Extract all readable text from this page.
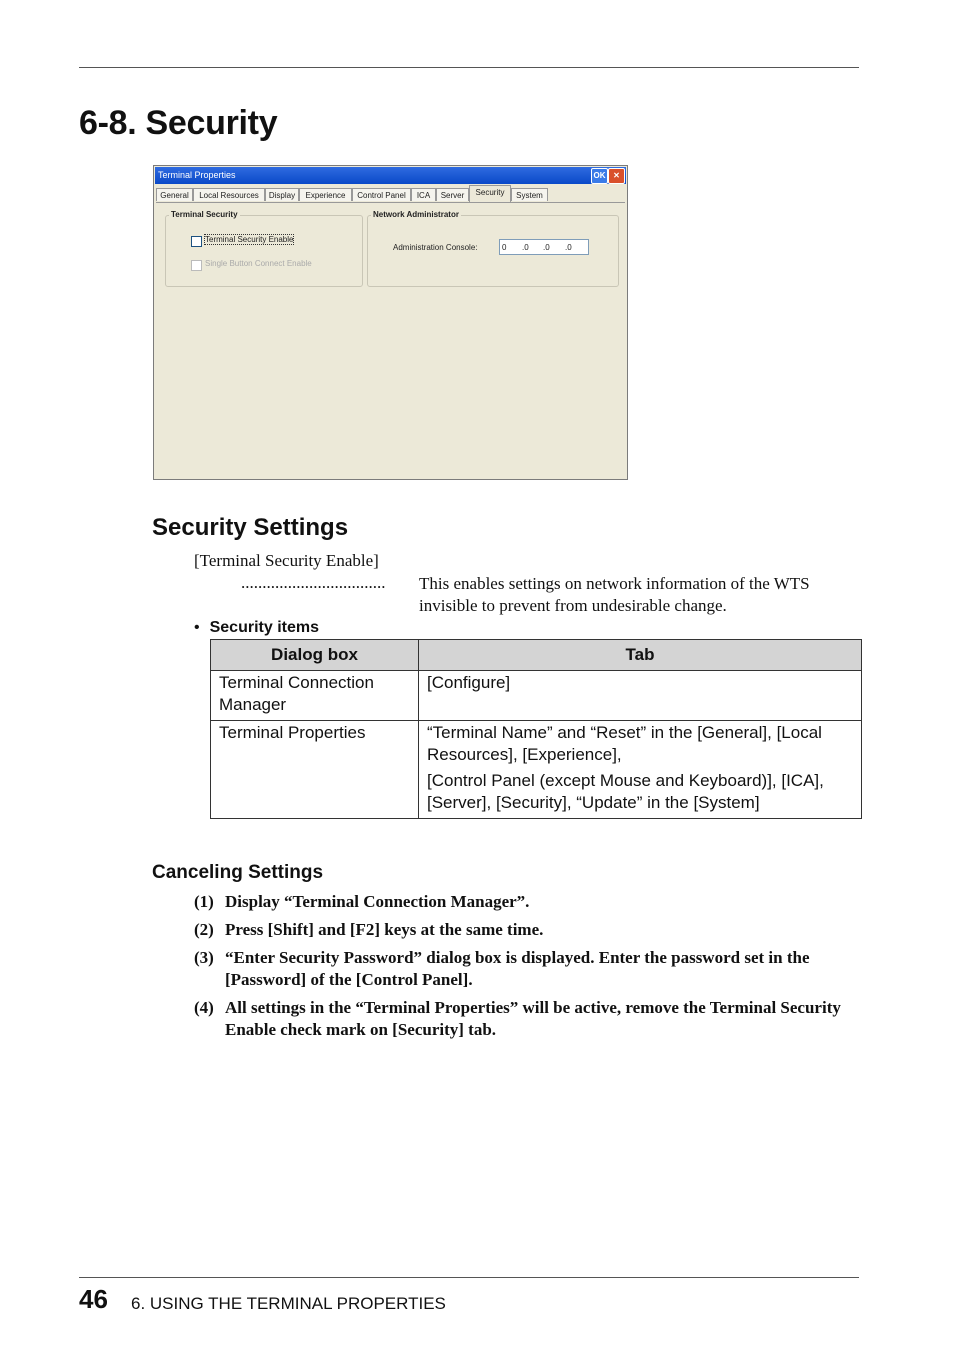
6-8. Security
Terminal Properties	OK ✕
General	Local Resources	Display	Experience	Control Panel	ICA	Server	Security	System
Terminal Security
Terminal Security Enable
Single Button Connect Enable
Network Administrator
Administration Console:	0 .0 .0 .0
Security Settings
[Terminal Security Enable]
.................................. This enables settings on network information of the WTS invisible to prevent from undesirable change.
• Security items
Dialog box	Tab
Terminal Connection Manager	[Configure]

Terminal Properties	“Terminal Name” and “Reset” in the [General], [Local Resources], [Experience],

[Control Panel (except Mouse and Keyboard)], [ICA], [Server], [Security], “Update” in the [System]

Canceling Settings
(1) Display “Terminal Connection Manager”.
(2) Press [Shift] and [F2] keys at the same time.
(3) “Enter Security Password” dialog box is displayed. Enter the password set in the [Password] of the [Control Panel].
(4) All settings in the “Terminal Properties” will be active, remove the Terminal Security Enable check mark on [Security] tab.
46 6. USING THE TERMINAL PROPERTIES
